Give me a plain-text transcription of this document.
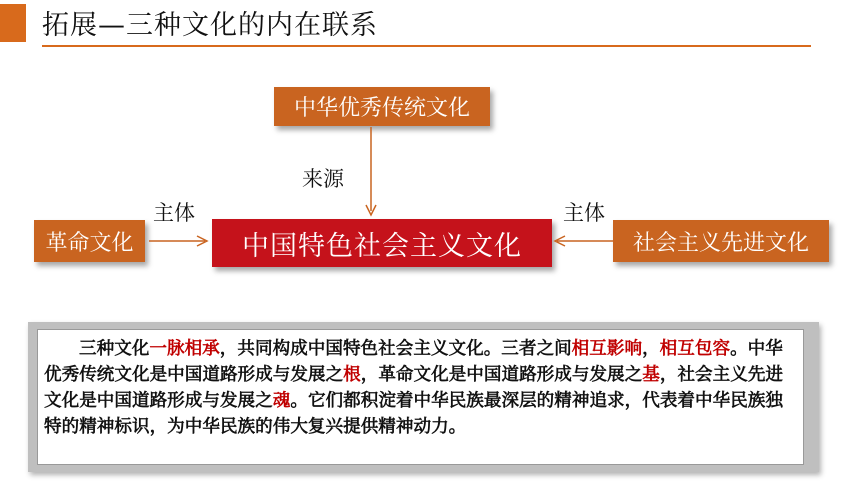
拓展—三种文化的内在联系
中华优秀传统文化
革命文化	中国特色社会主义文化	社会主义先进文化
来源
主体	主体
三种文化一脉相承，共同构成中国特色社会主义文化。三者之间相互影响，相互包容。中华优秀传统文化是中国道路形成与发展之根，革命文化是中国道路形成与发展之基，社会主义先进文化是中国道路形成与发展之魂。它们都积淀着中华民族最深层的精神追求，代表着中华民族独特的精神标识，为中华民族的伟大复兴提供精神动力。
